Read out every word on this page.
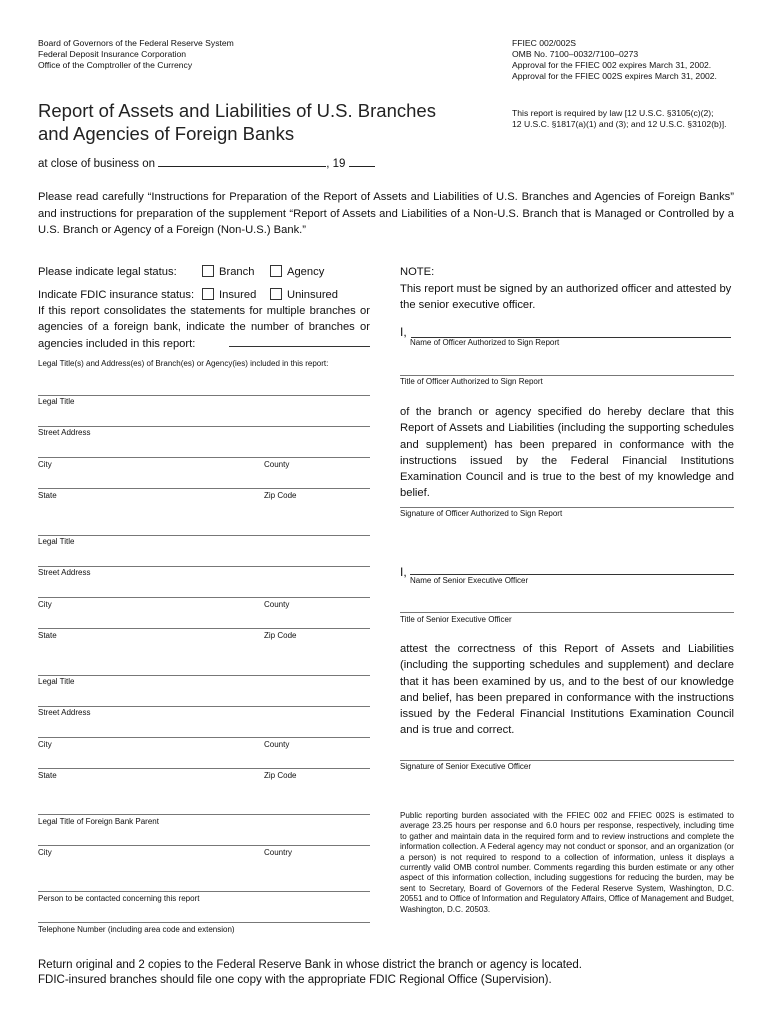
Board of Governors of the Federal Reserve System
Federal Deposit Insurance Corporation
Office of the Comptroller of the Currency
FFIEC 002/002S
OMB No. 7100–0032/7100–0273
Approval for the FFIEC 002 expires March 31, 2002.
Approval for the FFIEC 002S expires March 31, 2002.
Report of Assets and Liabilities of U.S. Branches
and Agencies of Foreign Banks
This report is required by law [12 U.S.C. §3105(c)(2);
12 U.S.C. §1817(a)(1) and (3); and 12 U.S.C. §3102(b)].
at close of business on	, 19
Please read carefully “Instructions for Preparation of the Report of Assets and Liabilities of U.S. Branches and Agencies of Foreign Banks” and instructions for preparation of the supplement “Report of Assets and Liabilities of a Non-U.S. Branch that is Managed or Controlled by a U.S. Branch or Agency of a Foreign (Non-U.S.) Bank.”
Please indicate legal status:	Branch	Agency
Indicate FDIC insurance status:	Insured	Uninsured
If this report consolidates the statements for multiple branches or agencies of a foreign bank, indicate the number of branches or agencies included in this report:
Legal Title(s) and Address(es) of Branch(es) or Agency(ies) included in this report:
Legal Title
Street Address
City	County
State	Zip Code
Legal Title
Street Address
City	County
State	Zip Code
Legal Title
Street Address
City	County
State	Zip Code
Legal Title of Foreign Bank Parent
City	Country
Person to be contacted concerning this report
Telephone Number (including area code and extension)
NOTE:
This report must be signed by an authorized officer and attested by the senior executive officer.
I,
Name of Officer Authorized to Sign Report
Title of Officer Authorized to Sign Report
of the branch or agency specified do hereby declare that this Report of Assets and Liabilities (including the supporting schedules and supplement) has been prepared in conformance with the instructions issued by the Federal Financial Institutions Examination Council and is true to the best of my knowledge and belief.
Signature of Officer Authorized to Sign Report
I,
Name of Senior Executive Officer
Title of Senior Executive Officer
attest the correctness of this Report of Assets and Liabilities (including the supporting schedules and supplement) and declare that it has been examined by us, and to the best of our knowledge and belief, has been prepared in conformance with the instructions issued by the Federal Financial Institutions Examination Council and is true and correct.
Signature of Senior Executive Officer
Public reporting burden associated with the FFIEC 002 and FFIEC 002S is estimated to average 23.25 hours per response and 6.0 hours per response, respectively, including time to gather and maintain data in the required form and to review instructions and complete the information collection. A Federal agency may not conduct or sponsor, and an organization (or a person) is not required to respond to a collection of information, unless it displays a currently valid OMB control number. Comments regarding this burden estimate or any other aspect of this information collection, including suggestions for reducing the burden, may be sent to Secretary, Board of Governors of the Federal Reserve System, Washington, D.C. 20551 and to Office of Information and Regulatory Affairs, Office of Management and Budget, Washington, D.C. 20503.
Return original and 2 copies to the Federal Reserve Bank in whose district the branch or agency is located.
FDIC-insured branches should file one copy with the appropriate FDIC Regional Office (Supervision).
